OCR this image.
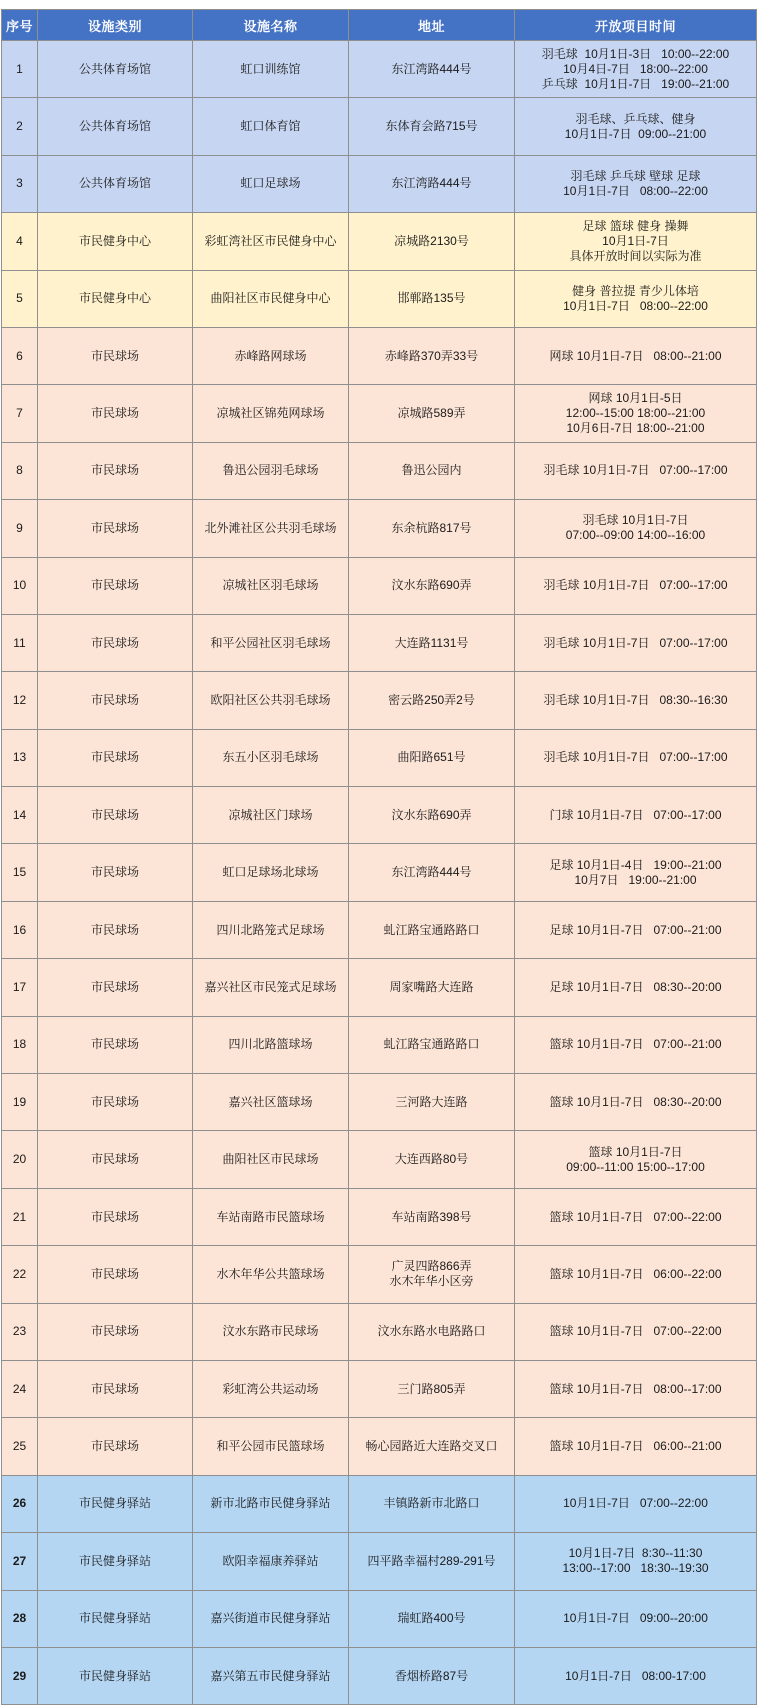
序号	设施类别	设施名称	地址	开放项目时间
1	公共体育场馆	虹口训练馆	东江湾路444号	羽毛球  10月1日-3日   10:00--22:00
10月4日-7日   18:00--22:00
乒乓球  10月1日-7日   19:00--21:00

2	公共体育场馆	虹口体育馆	东体育会路715号	羽毛球、乒乓球、健身
10月1日-7日  09:00--21:00

3	公共体育场馆	虹口足球场	东江湾路444号	羽毛球 乒乓球 壁球 足球
10月1日-7日   08:00--22:00

4	市民健身中心	彩虹湾社区市民健身中心	凉城路2130号	足球 篮球 健身 操舞
10月1日-7日
具体开放时间以实际为准

5	市民健身中心	曲阳社区市民健身中心	邯郸路135号	健身 普拉提 青少儿体培
10月1日-7日   08:00--22:00

6	市民球场	赤峰路网球场	赤峰路370弄33号	网球 10月1日-7日   08:00--21:00

7	市民球场	凉城社区锦苑网球场	凉城路589弄	网球 10月1日-5日
12:00--15:00 18:00--21:00
10月6日-7日 18:00--21:00

8	市民球场	鲁迅公园羽毛球场	鲁迅公园内	羽毛球 10月1日-7日   07:00--17:00

9	市民球场	北外滩社区公共羽毛球场	东余杭路817号	羽毛球 10月1日-7日
07:00--09:00 14:00--16:00

10	市民球场	凉城社区羽毛球场	汶水东路690弄	羽毛球 10月1日-7日   07:00--17:00

11	市民球场	和平公园社区羽毛球场	大连路1131号	羽毛球 10月1日-7日   07:00--17:00

12	市民球场	欧阳社区公共羽毛球场	密云路250弄2号	羽毛球 10月1日-7日   08:30--16:30

13	市民球场	东五小区羽毛球场	曲阳路651号	羽毛球 10月1日-7日   07:00--17:00

14	市民球场	凉城社区门球场	汶水东路690弄	门球 10月1日-7日   07:00--17:00

15	市民球场	虹口足球场北球场	东江湾路444号	足球 10月1日-4日   19:00--21:00
10月7日   19:00--21:00

16	市民球场	四川北路笼式足球场	虬江路宝通路路口	足球 10月1日-7日   07:00--21:00

17	市民球场	嘉兴社区市民笼式足球场	周家嘴路大连路	足球 10月1日-7日   08:30--20:00

18	市民球场	四川北路篮球场	虬江路宝通路路口	篮球 10月1日-7日   07:00--21:00

19	市民球场	嘉兴社区篮球场	三河路大连路	篮球 10月1日-7日   08:30--20:00

20	市民球场	曲阳社区市民球场	大连西路80号	篮球 10月1日-7日
09:00--11:00 15:00--17:00

21	市民球场	车站南路市民篮球场	车站南路398号	篮球 10月1日-7日   07:00--22:00

22	市民球场	水木年华公共篮球场	广灵四路866弄
水木年华小区旁	篮球 10月1日-7日   06:00--22:00

23	市民球场	汶水东路市民球场	汶水东路水电路路口	篮球 10月1日-7日   07:00--22:00

24	市民球场	彩虹湾公共运动场	三门路805弄	篮球 10月1日-7日   08:00--17:00

25	市民球场	和平公园市民篮球场	畅心园路近大连路交叉口	篮球 10月1日-7日   06:00--21:00

26	市民健身驿站	新市北路市民健身驿站	丰镇路新市北路口	10月1日-7日   07:00--22:00

27	市民健身驿站	欧阳幸福康养驿站	四平路幸福村289-291号	10月1日-7日  8:30--11:30
13:00--17:00   18:30--19:30

28	市民健身驿站	嘉兴街道市民健身驿站	瑞虹路400号	10月1日-7日   09:00--20:00

29	市民健身驿站	嘉兴第五市民健身驿站	香烟桥路87号	10月1日-7日   08:00-17:00
